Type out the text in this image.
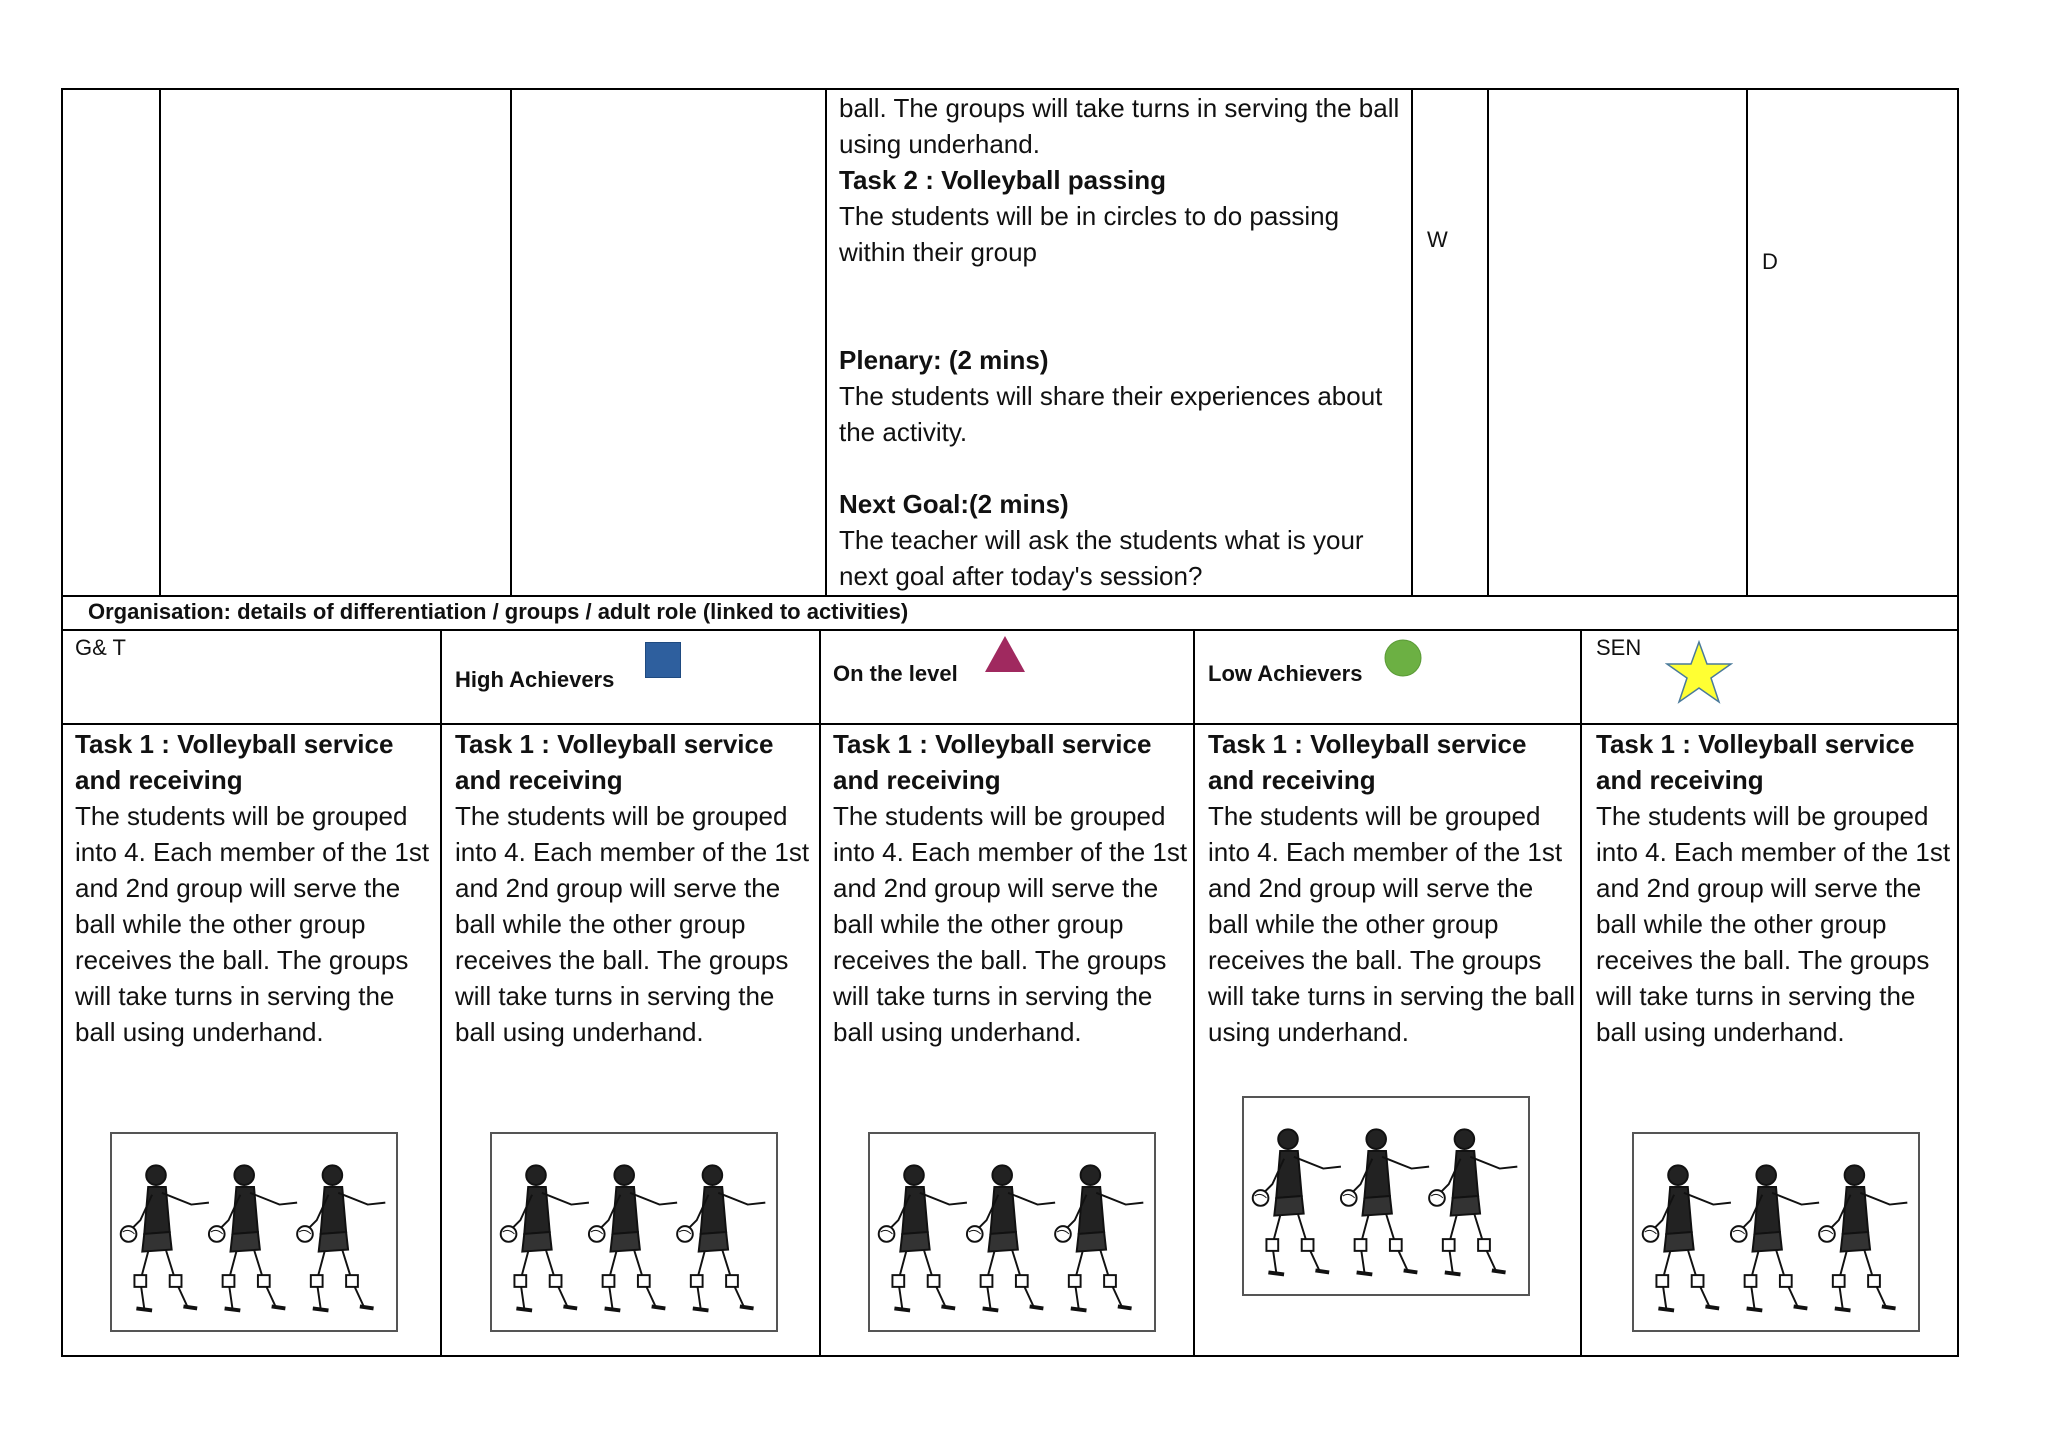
ball. The groups will take turns in serving the ball using underhand.
Task 2 : Volleyball passing
The students will be in circles to do passing within their group
Plenary: (2 mins)
The students will share their experiences about the activity.
Next Goal:(2 mins)
The teacher will ask the students what is your next goal after today's session?
W
D
Organisation: details of differentiation / groups / adult role (linked to activities)
G& T
High Achievers	On the level	Low Achievers
SEN
Task 1 : Volleyball service and receiving
The students will be grouped into 4. Each member of the 1st and 2nd group will serve the ball while the other group receives the ball. The groups will take turns in serving the ball using underhand.
Task 1 : Volleyball service and receiving
The students will be grouped into 4. Each member of the 1st and 2nd group will serve the ball while the other group receives the ball. The groups will take turns in serving the ball using underhand.
Task 1 : Volleyball service and receiving
The students will be grouped into 4. Each member of the 1st and 2nd group will serve the ball while the other group receives the ball. The groups will take turns in serving the ball using underhand.
Task 1 : Volleyball service and receiving
The students will be grouped into 4. Each member of the 1st and 2nd group will serve the ball while the other group receives the ball. The groups will take turns in serving the ball using underhand.
Task 1 : Volleyball service and receiving
The students will be grouped into 4. Each member of the 1st and 2nd group will serve the ball while the other group receives the ball. The groups will take turns in serving the ball using underhand.
